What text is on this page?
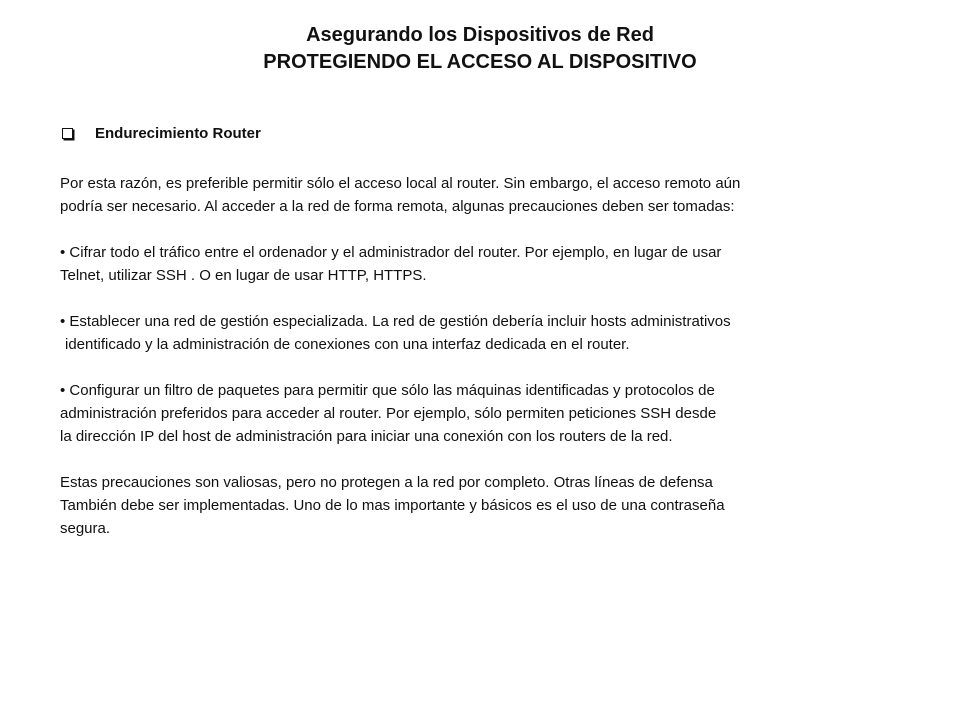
Asegurando los Dispositivos de Red
PROTEGIENDO EL ACCESO AL DISPOSITIVO
Endurecimiento Router

Por esta razón, es preferible permitir sólo el acceso local al router. Sin embargo, el acceso remoto aún
podría ser necesario. Al acceder a la red de forma remota, algunas precauciones deben ser tomadas:

• Cifrar todo el tráfico entre el ordenador y el administrador del router. Por ejemplo, en lugar de usar
Telnet, utilizar SSH . O en lugar de usar HTTP, HTTPS.

• Establecer una red de gestión especializada. La red de gestión debería incluir hosts administrativos
identificado y la administración de conexiones con una interfaz dedicada en el router.

• Configurar un filtro de paquetes para permitir que sólo las máquinas identificadas y protocolos de
administración preferidos para acceder al router. Por ejemplo, sólo permiten peticiones SSH desde
la dirección IP del host de administración para iniciar una conexión con los routers de la red.

Estas precauciones son valiosas, pero no protegen a la red por completo. Otras líneas de defensa
También debe ser implementadas. Uno de lo mas importante y básicos es el uso de una contraseña
segura.
